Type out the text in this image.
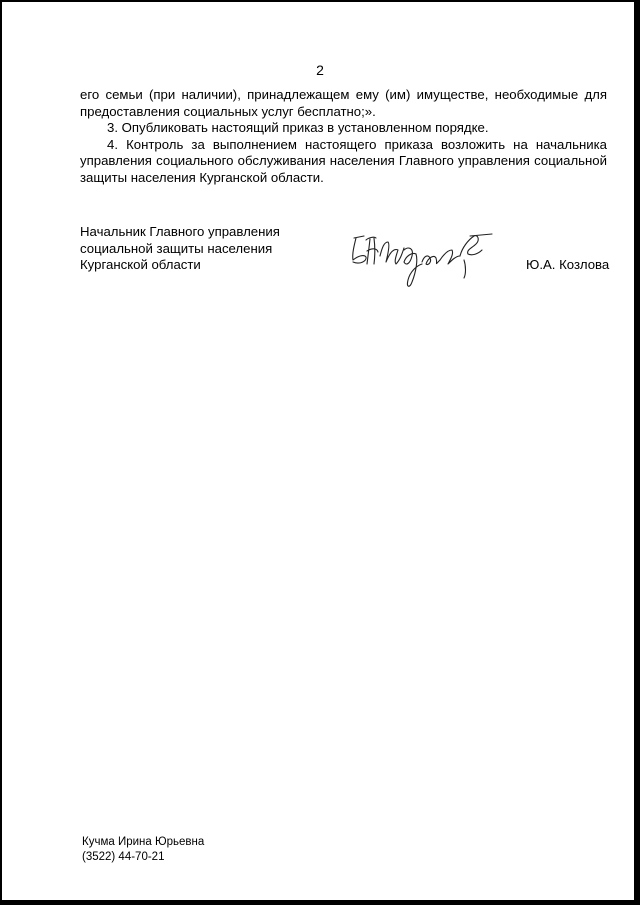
2

его семьи (при наличии), принадлежащем ему (им) имуществе, необходимые для предоставления социальных услуг бесплатно;».

3. Опубликовать настоящий приказ в установленном порядке.

4. Контроль за выполнением настоящего приказа возложить на начальника управления социального обслуживания населения Главного управления социальной защиты населения Курганской области.

Начальник Главного управления
социальной защиты населения
Курганской области	Ю.А. Козлова
Кучма Ирина Юрьевна
(3522) 44-70-21
